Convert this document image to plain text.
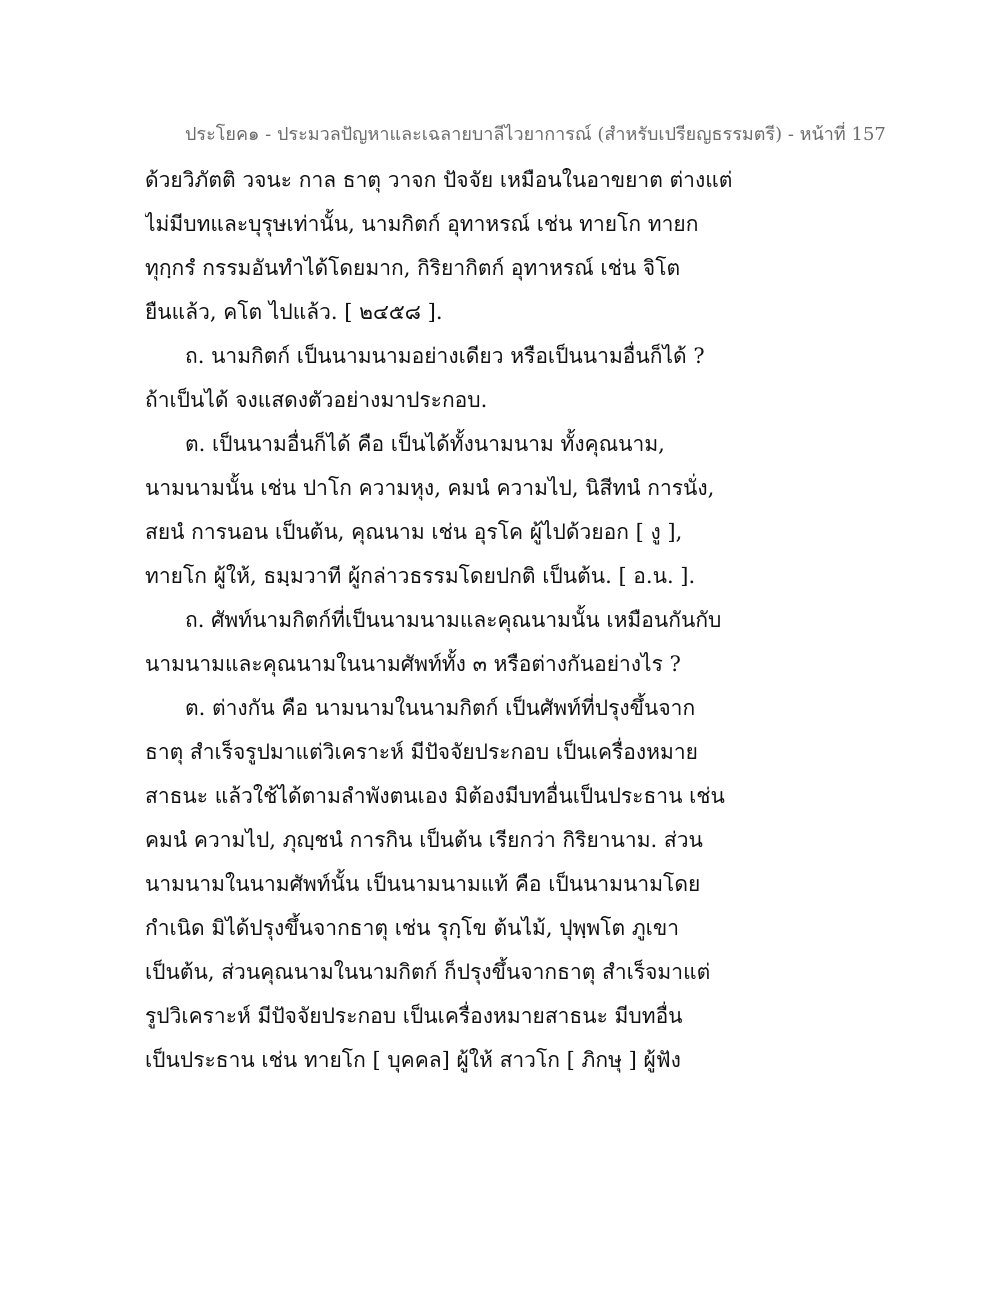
ประโยค๑ - ประมวลปัญหาและเฉลายบาลีไวยาการณ์ (สำหรับเปรียญธรรมตรี) - หน้าที่ 157
ด้วยวิภัตติ วจนะ กาล ธาตุ วาจก ปัจจัย เหมือนในอาขยาต ต่างแต่
ไม่มีบทและบุรุษเท่านั้น, นามกิตก์ อุทาหรณ์ เช่น ทายโก ทายก
ทุกฺกรํ กรรมอันทำได้โดยมาก, กิริยากิตก์ อุทาหรณ์ เช่น จิโต
ยืนแล้ว, คโต ไปแล้ว. [ ๒๔๕๘ ].
ถ. นามกิตก์ เป็นนามนามอย่างเดียว หรือเป็นนามอื่นก็ได้ ?
ถ้าเป็นได้ จงแสดงตัวอย่างมาประกอบ.
ต. เป็นนามอื่นก็ได้ คือ เป็นได้ทั้งนามนาม ทั้งคุณนาม,
นามนามนั้น เช่น ปาโก ความหุง, คมนํ ความไป, นิสีทนํ การนั่ง,
สยนํ การนอน เป็นต้น, คุณนาม เช่น อุรโค ผู้ไปด้วยอก [ งู ],
ทายโก ผู้ให้, ธมฺมวาที ผู้กล่าวธรรมโดยปกติ เป็นต้น. [ อ.น. ].
ถ. ศัพท์นามกิตก์ที่เป็นนามนามและคุณนามนั้น เหมือนกันกับ
นามนามและคุณนามในนามศัพท์ทั้ง ๓ หรือต่างกันอย่างไร ?
ต. ต่างกัน คือ นามนามในนามกิตก์ เป็นศัพท์ที่ปรุงขึ้นจาก
ธาตุ สำเร็จรูปมาแต่วิเคราะห์ มีปัจจัยประกอบ เป็นเครื่องหมาย
สาธนะ แล้วใช้ได้ตามลำพังตนเอง มิต้องมีบทอื่นเป็นประธาน เช่น
คมนํ ความไป, ภุญฺชนํ การกิน เป็นต้น เรียกว่า กิริยานาม. ส่วน
นามนามในนามศัพท์นั้น เป็นนามนามแท้ คือ เป็นนามนามโดย
กำเนิด มิได้ปรุงขึ้นจากธาตุ เช่น รุกฺโข ต้นไม้, ปุพฺพโต ภูเขา
เป็นต้น, ส่วนคุณนามในนามกิตก์ ก็ปรุงขึ้นจากธาตุ สำเร็จมาแต่
รูปวิเคราะห์ มีปัจจัยประกอบ เป็นเครื่องหมายสาธนะ มีบทอื่น
เป็นประธาน เช่น ทายโก [ บุคคล] ผู้ให้ สาวโก [ ภิกษุ ] ผู้ฟัง
